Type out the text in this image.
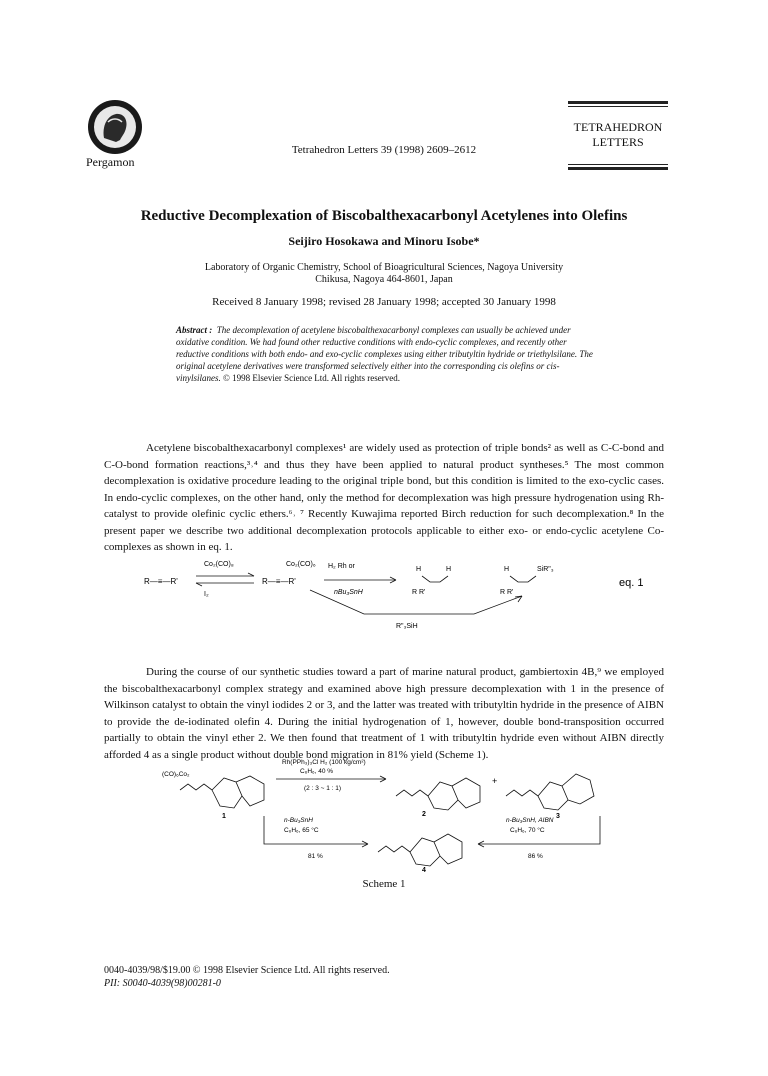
Pergamon
Tetrahedron Letters 39 (1998) 2609–2612
TETRAHEDRON
LETTERS
Reductive Decomplexation of Biscobalthexacarbonyl Acetylenes into Olefins
Seijiro Hosokawa and Minoru Isobe*
Laboratory of Organic Chemistry, School of Bioagricultural Sciences, Nagoya University
Chikusa, Nagoya 464-8601, Japan
Received 8 January 1998; revised 28 January 1998; accepted 30 January 1998
Abstract : The decomplexation of acetylene biscobalthexacarbonyl complexes can usually be achieved under oxidative condition. We had found other reductive conditions with endo-cyclic complexes, and recently other reductive conditions with both endo- and exo-cyclic complexes using either tributyltin hydride or triethylsilane. The original acetylene derivatives were transformed selectively either into the corresponding cis olefins or cis-vinylsilanes. © 1998 Elsevier Science Ltd. All rights reserved.

Acetylene biscobalthexacarbonyl complexes¹ are widely used as protection of triple bonds² as well as C-C-bond and C-O-bond formation reactions,³˒⁴ and thus they have been applied to natural product syntheses.⁵ The most common decomplexation is oxidative procedure leading to the original triple bond, but this condition is limited to the exo-cyclic cases. In endo-cyclic complexes, on the other hand, only the method for decomplexation was high pressure hydrogenation using Rh-catalyst to provide olefinic cyclic ethers.⁶˒ ⁷ Recently Kuwajima reported Birch reduction for such decomplexation.⁸ In the present paper we describe two additional decomplexation protocols applicable to either exo- or endo-cyclic acetylene Co-complexes as shown in eq. 1.

R—≡—R'
Co₂(CO)₈
I₂
Co₂(CO)₆
R—≡—R'
H₂ Rh or
nBu₃SnH
H	H
R R'
H	SiR"₃
R R'
R"₃SiH
eq. 1

During the course of our synthetic studies toward a part of marine natural product, gambiertoxin 4B,⁹ we employed the biscobalthexacarbonyl complex strategy and examined above high pressure decomplexation with 1 in the presence of Wilkinson catalyst to obtain the vinyl iodides 2 or 3, and the latter was treated with tributyltin hydride in the presence of AIBN to provide the de-iodinated olefin 4. During the initial hydrogenation of 1, however, double bond-transposition occurred partially to obtain the vinyl ether 2. We then found that treatment of 1 with tributyltin hydride even without AIBN directly afforded 4 as a single product without double bond migration in 81% yield (Scheme 1).

(CO)₆Co₂
1
Rh(PPh₃)₃Cl H₂ (100 kg/cm²)
C₆H₆, 40 %
(2 : 3 ~ 1 : 1)
2
+
3
n-Bu₃SnH
C₆H₆, 65 °C
81 %
4
n-Bu₃SnH, AIBN
C₆H₆, 70 °C
86 %
Scheme 1
0040-4039/98/$19.00 © 1998 Elsevier Science Ltd. All rights reserved.
PII: S0040-4039(98)00281-0
